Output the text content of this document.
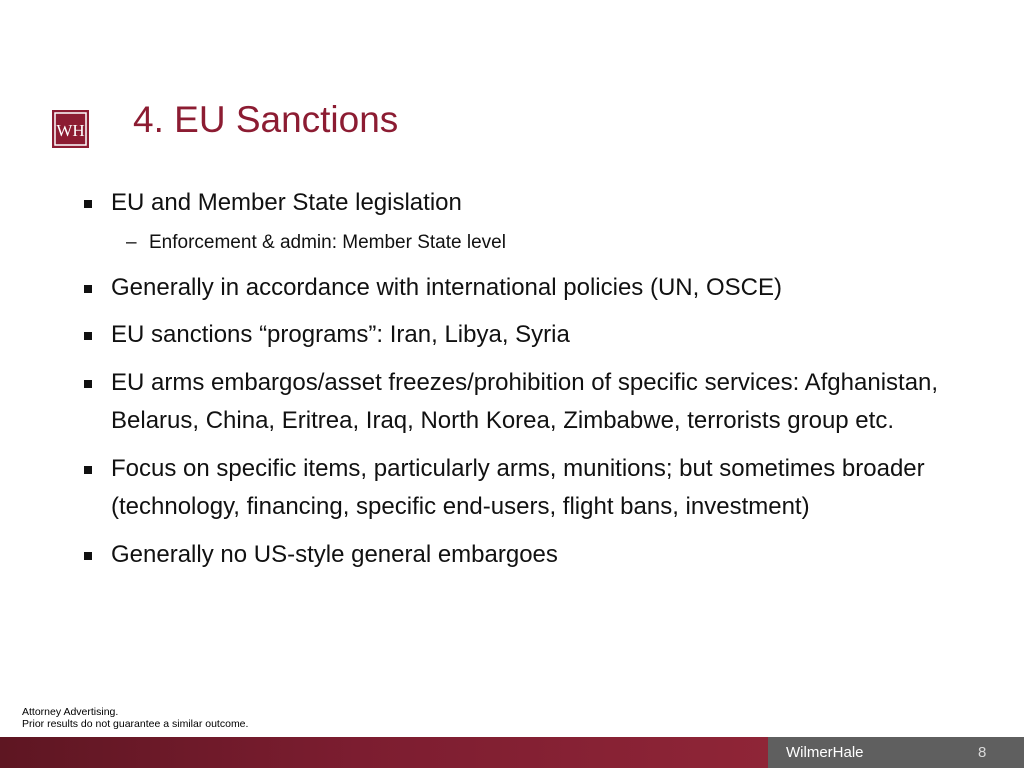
WH 4. EU Sanctions
EU and Member State legislation
– Enforcement & admin: Member State level
Generally in accordance with international policies (UN, OSCE)
EU sanctions “programs”: Iran, Libya, Syria
EU arms embargos/asset freezes/prohibition of specific services: Afghanistan, Belarus, China, Eritrea, Iraq, North Korea, Zimbabwe, terrorists group etc.
Focus on specific items, particularly arms, munitions; but sometimes broader (technology, financing, specific end-users, flight bans, investment)
Generally no US-style general embargoes
Attorney Advertising.
Prior results do not guarantee a similar outcome.
WilmerHale	8
